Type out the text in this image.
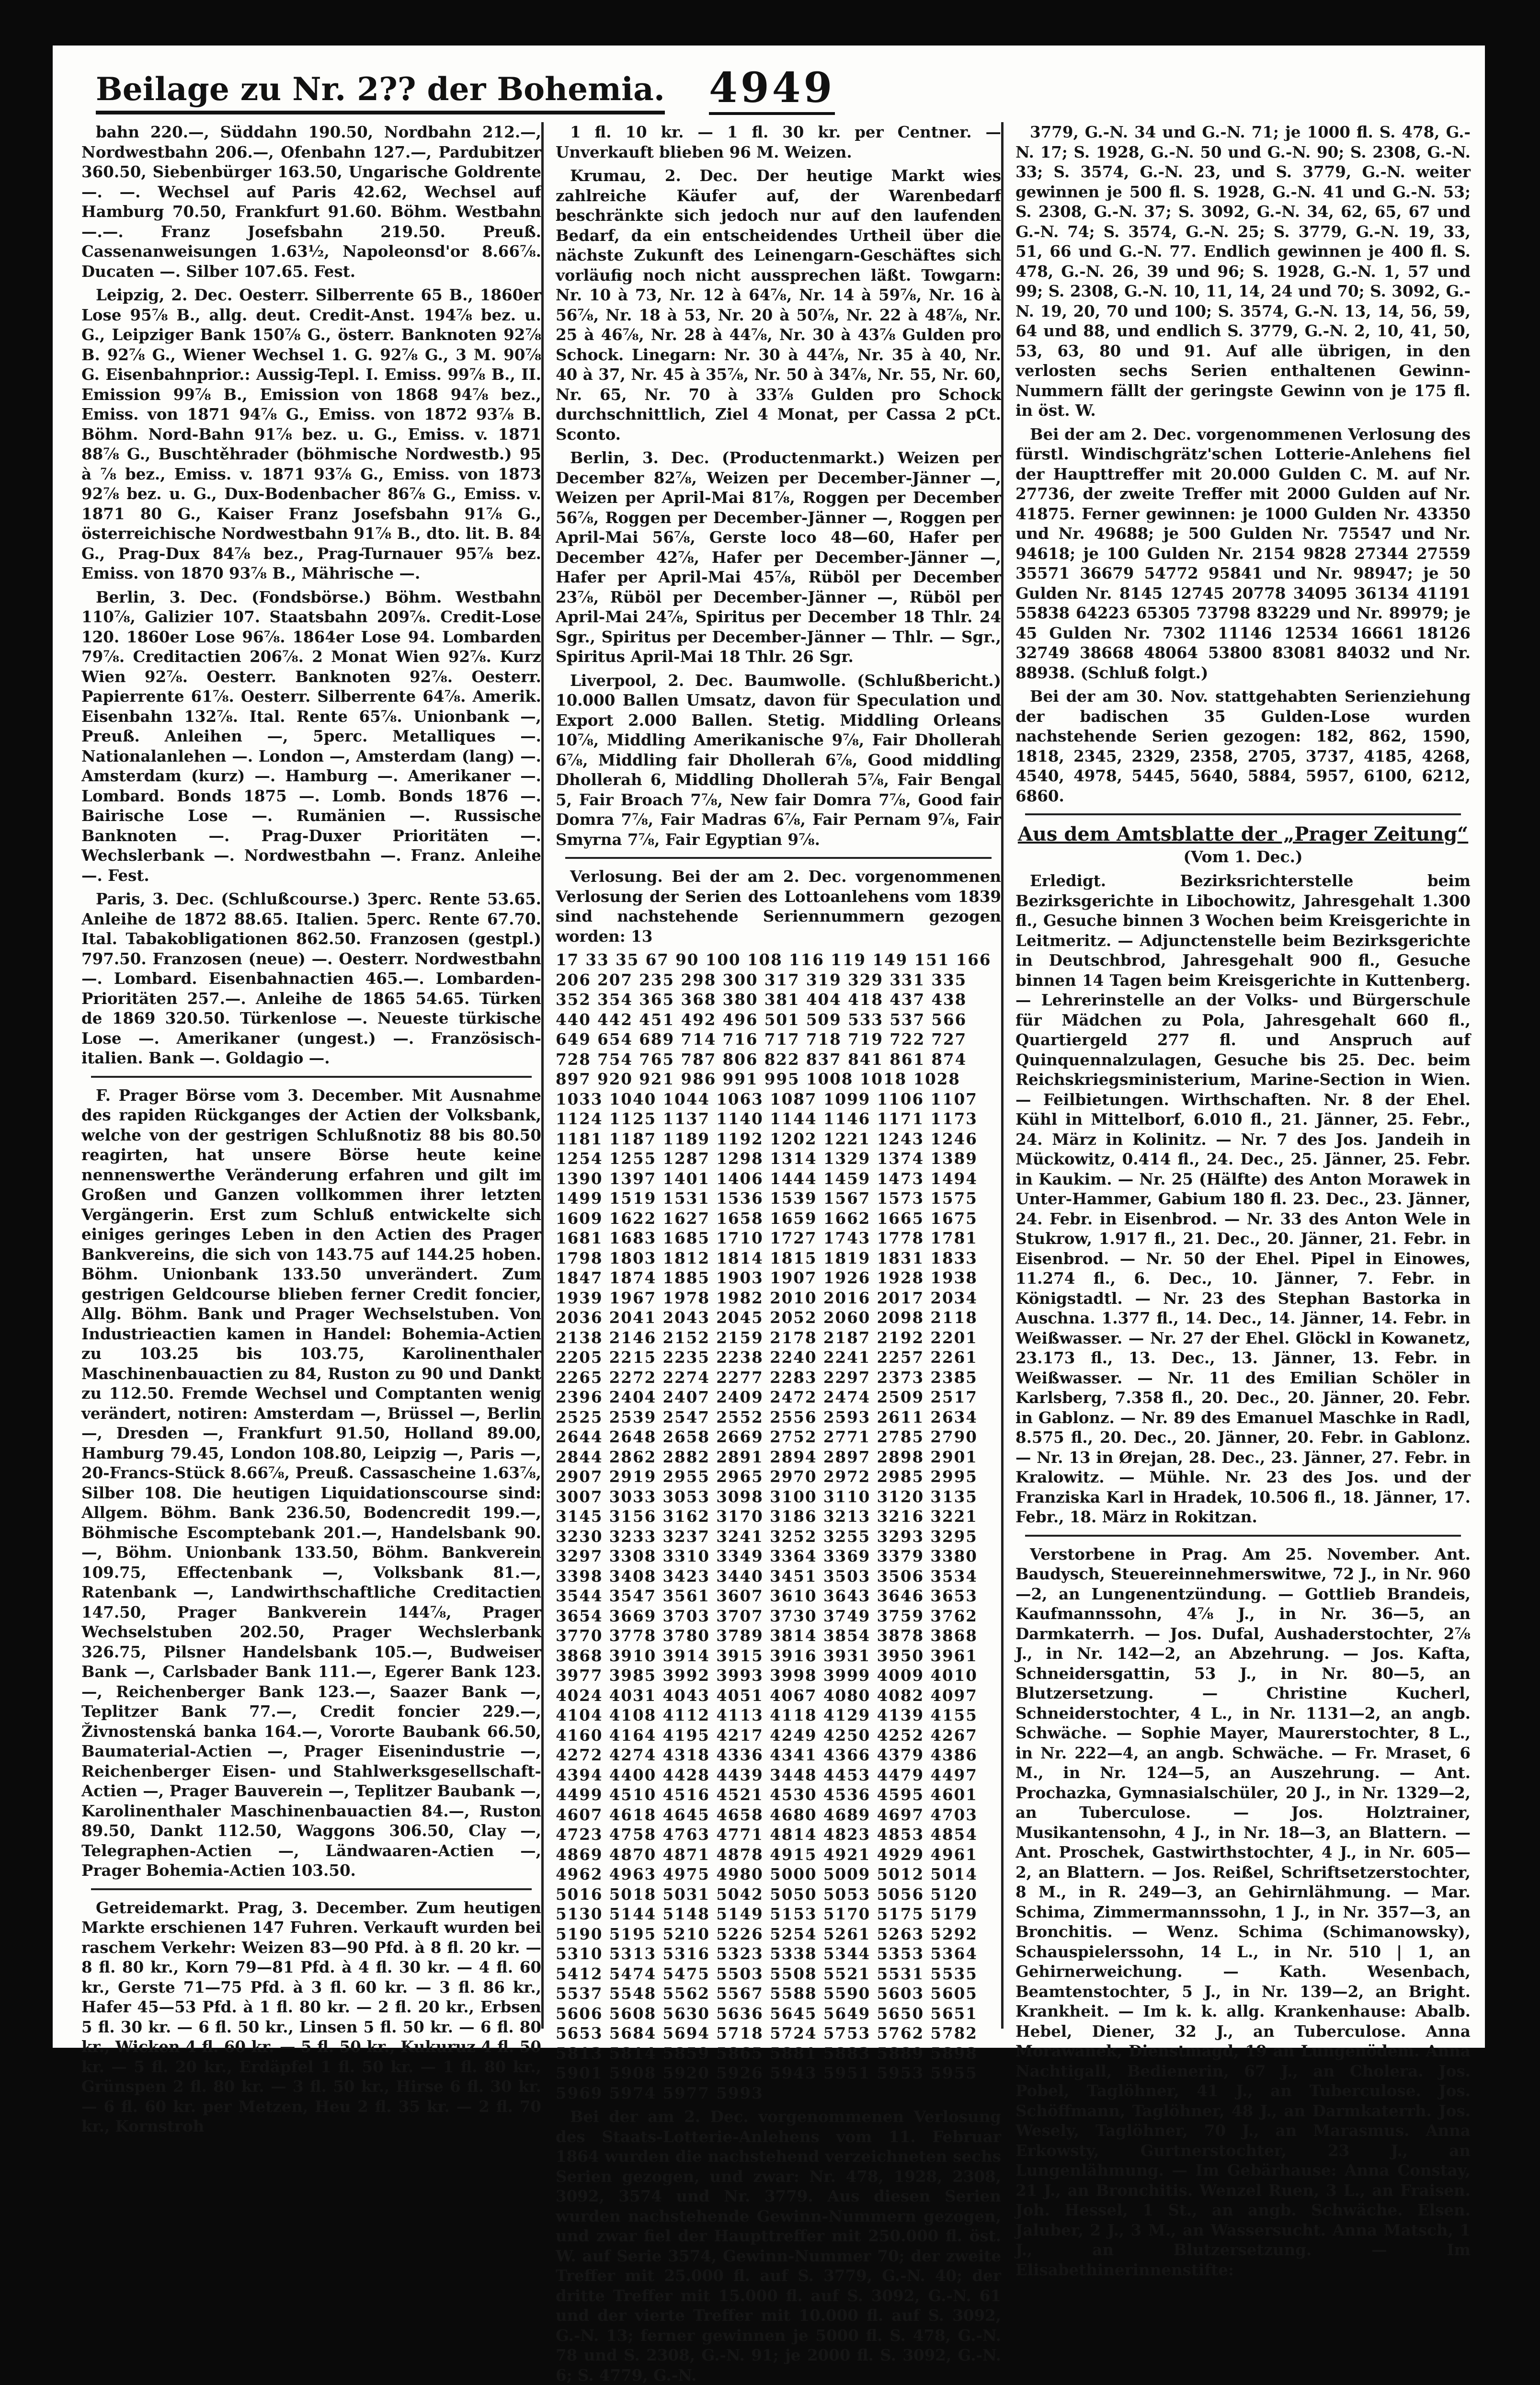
Beilage zu Nr. 2?? der Bohemia. 4949

bahn 220.—, Süddahn 190.50, Nordbahn 212.—, Nordwestbahn 206.—, Ofenbahn 127.—, Pardubitzer 360.50, Siebenbürger 163.50, Ungarische Goldrente —. —. Wechsel auf Paris 42.62, Wechsel auf Hamburg 70.50, Frankfurt 91.60. Böhm. Westbahn —.—. Franz Josefsbahn 219.50. Preuß. Cassenanweisungen 1.63½, Napoleonsd'or 8.66⅞. Ducaten —. Silber 107.65. Fest.

Leipzig, 2. Dec. Oesterr. Silberrente 65 B., 1860er Lose 95⅞ B., allg. deut. Credit-Anst. 194⅞ bez. u. G., Leipziger Bank 150⅞ G., österr. Banknoten 92⅞ B. 92⅞ G., Wiener Wechsel 1. G. 92⅞ G., 3 M. 90⅞ G. Eisenbahnprior.: Aussig-Tepl. I. Emiss. 99⅞ B., II. Emission 99⅞ B., Emission von 1868 94⅞ bez., Emiss. von 1871 94⅞ G., Emiss. von 1872 93⅞ B. Böhm. Nord-Bahn 91⅞ bez. u. G., Emiss. v. 1871 88⅞ G., Buschtěhrader (böhmische Nordwestb.) 95 à ⅞ bez., Emiss. v. 1871 93⅞ G., Emiss. von 1873 92⅞ bez. u. G., Dux-Bodenbacher 86⅞ G., Emiss. v. 1871 80 G., Kaiser Franz Josefsbahn 91⅞ G., österreichische Nordwestbahn 91⅞ B., dto. lit. B. 84 G., Prag-Dux 84⅞ bez., Prag-Turnauer 95⅞ bez. Emiss. von 1870 93⅞ B., Mährische —.

Berlin, 3. Dec. (Fondsbörse.) Böhm. Westbahn 110⅞, Galizier 107. Staatsbahn 209⅞. Credit-Lose 120. 1860er Lose 96⅞. 1864er Lose 94. Lombarden 79⅞. Creditactien 206⅞. 2 Monat Wien 92⅞. Kurz Wien 92⅞. Oesterr. Banknoten 92⅞. Oesterr. Papierrente 61⅞. Oesterr. Silberrente 64⅞. Amerik. Eisenbahn 132⅞. Ital. Rente 65⅞. Unionbank —, Preuß. Anleihen —, 5perc. Metalliques —. Nationalanlehen —. London —, Amsterdam (lang) —. Amsterdam (kurz) —. Hamburg —. Amerikaner —. Lombard. Bonds 1875 —. Lomb. Bonds 1876 —. Bairische Lose —. Rumänien —. Russische Banknoten —. Prag-Duxer Prioritäten —. Wechslerbank —. Nordwestbahn —. Franz. Anleihe —. Fest.

Paris, 3. Dec. (Schlußcourse.) 3perc. Rente 53.65. Anleihe de 1872 88.65. Italien. 5perc. Rente 67.70. Ital. Tabakobligationen 862.50. Franzosen (gestpl.) 797.50. Franzosen (neue) —. Oesterr. Nordwestbahn —. Lombard. Eisenbahnactien 465.—. Lombarden-Prioritäten 257.—. Anleihe de 1865 54.65. Türken de 1869 320.50. Türkenlose —. Neueste türkische Lose —. Amerikaner (ungest.) —. Französisch-italien. Bank —. Goldagio —.

F. Prager Börse vom 3. December. Mit Ausnahme des rapiden Rückganges der Actien der Volksbank, welche von der gestrigen Schlußnotiz 88 bis 80.50 reagirten, hat unsere Börse heute keine nennenswerthe Veränderung erfahren und gilt im Großen und Ganzen vollkommen ihrer letzten Vergängerin. Erst zum Schluß entwickelte sich einiges geringes Leben in den Actien des Prager Bankvereins, die sich von 143.75 auf 144.25 hoben. Böhm. Unionbank 133.50 unverändert. Zum gestrigen Geldcourse blieben ferner Credit foncier, Allg. Böhm. Bank und Prager Wechselstuben. Von Industrieactien kamen in Handel: Bohemia-Actien zu 103.25 bis 103.75, Karolinenthaler Maschinenbauactien zu 84, Ruston zu 90 und Dankt zu 112.50. Fremde Wechsel und Comptanten wenig verändert, notiren: Amsterdam —, Brüssel —, Berlin —, Dresden —, Frankfurt 91.50, Holland 89.00, Hamburg 79.45, London 108.80, Leipzig —, Paris —, 20-Francs-Stück 8.66⅞, Preuß. Cassascheine 1.63⅞, Silber 108. Die heutigen Liquidationscourse sind: Allgem. Böhm. Bank 236.50, Bodencredit 199.—, Böhmische Escomptebank 201.—, Handelsbank 90.—, Böhm. Unionbank 133.50, Böhm. Bankverein 109.75, Effectenbank —, Volksbank 81.—, Ratenbank —, Landwirthschaftliche Creditactien 147.50, Prager Bankverein 144⅞, Prager Wechselstuben 202.50, Prager Wechslerbank 326.75, Pilsner Handelsbank 105.—, Budweiser Bank —, Carlsbader Bank 111.—, Egerer Bank 123.—, Reichenberger Bank 123.—, Saazer Bank —, Teplitzer Bank 77.—, Credit foncier 229.—, Živnostenská banka 164.—, Vororte Baubank 66.50, Baumaterial-Actien —, Prager Eisenindustrie —, Reichenberger Eisen- und Stahlwerksgesellschaft-Actien —, Prager Bauverein —, Teplitzer Baubank —, Karolinenthaler Maschinenbauactien 84.—, Ruston 89.50, Dankt 112.50, Waggons 306.50, Clay —, Telegraphen-Actien —, Ländwaaren-Actien —, Prager Bohemia-Actien 103.50.

Getreidemarkt. Prag, 3. December. Zum heutigen Markte erschienen 147 Fuhren. Verkauft wurden bei raschem Verkehr: Weizen 83—90 Pfd. à 8 fl. 20 kr. — 8 fl. 80 kr., Korn 79—81 Pfd. à 4 fl. 30 kr. — 4 fl. 60 kr., Gerste 71—75 Pfd. à 3 fl. 60 kr. — 3 fl. 86 kr., Hafer 45—53 Pfd. à 1 fl. 80 kr. — 2 fl. 20 kr., Erbsen 5 fl. 30 kr. — 6 fl. 50 kr., Linsen 5 fl. 50 kr. — 6 fl. 80 kr., Wicken 4 fl. 60 kr. — 5 fl. 50 kr., Kukuruz 4 fl. 50 kr. — 5 fl. 20 kr., Erdäpfel 1 fl. 50 kr. — 1 fl. 80 kr., Grünspen 2 fl. 80 kr. — 3 fl. 50 kr., Hirse 6 fl. 30 kr. — 6 fl. 60 kr. per Metzen, Heu 2 fl. 35 kr. — 2 fl. 70 kr., Kornstroh

1 fl. 10 kr. — 1 fl. 30 kr. per Centner. — Unverkauft blieben 96 M. Weizen.

Krumau, 2. Dec. Der heutige Markt wies zahlreiche Käufer auf, der Warenbedarf beschränkte sich jedoch nur auf den laufenden Bedarf, da ein entscheidendes Urtheil über die nächste Zukunft des Leinengarn-Geschäftes sich vorläufig noch nicht aussprechen läßt. Towgarn: Nr. 10 à 73, Nr. 12 à 64⅞, Nr. 14 à 59⅞, Nr. 16 à 56⅞, Nr. 18 à 53, Nr. 20 à 50⅞, Nr. 22 à 48⅞, Nr. 25 à 46⅞, Nr. 28 à 44⅞, Nr. 30 à 43⅞ Gulden pro Schock. Linegarn: Nr. 30 à 44⅞, Nr. 35 à 40, Nr. 40 à 37, Nr. 45 à 35⅞, Nr. 50 à 34⅞, Nr. 55, Nr. 60, Nr. 65, Nr. 70 à 33⅞ Gulden pro Schock durchschnittlich, Ziel 4 Monat, per Cassa 2 pCt. Sconto.

Berlin, 3. Dec. (Productenmarkt.) Weizen per December 82⅞, Weizen per December-Jänner —, Weizen per April-Mai 81⅞, Roggen per December 56⅞, Roggen per December-Jänner —, Roggen per April-Mai 56⅞, Gerste loco 48—60, Hafer per December 42⅞, Hafer per December-Jänner —, Hafer per April-Mai 45⅞, Rüböl per December 23⅞, Rüböl per December-Jänner —, Rüböl per April-Mai 24⅞, Spiritus per December 18 Thlr. 24 Sgr., Spiritus per December-Jänner — Thlr. — Sgr., Spiritus April-Mai 18 Thlr. 26 Sgr.

Liverpool, 2. Dec. Baumwolle. (Schlußbericht.) 10.000 Ballen Umsatz, davon für Speculation und Export 2.000 Ballen. Stetig. Middling Orleans 10⅞, Middling Amerikanische 9⅞, Fair Dhollerah 6⅞, Middling fair Dhollerah 6⅞, Good middling Dhollerah 6, Middling Dhollerah 5⅞, Fair Bengal 5, Fair Broach 7⅞, New fair Domra 7⅞, Good fair Domra 7⅞, Fair Madras 6⅞, Fair Pernam 9⅞, Fair Smyrna 7⅞, Fair Egyptian 9⅞.

Verlosung. Bei der am 2. Dec. vorgenommenen Verlosung der Serien des Lottoanlehens vom 1839 sind nachstehende Seriennummern gezogen worden: 13

17 33 35 67 90 100 108 116 119 149 151 166 206 207 235 298 300 317 319 329 331 335 352 354 365 368 380 381 404 418 437 438 440 442 451 492 496 501 509 533 537 566 649 654 689 714 716 717 718 719 722 727 728 754 765 787 806 822 837 841 861 874 897 920 921 986 991 995 1008 1018 1028 1033 1040 1044 1063 1087 1099 1106 1107 1124 1125 1137 1140 1144 1146 1171 1173 1181 1187 1189 1192 1202 1221 1243 1246 1254 1255 1287 1298 1314 1329 1374 1389 1390 1397 1401 1406 1444 1459 1473 1494 1499 1519 1531 1536 1539 1567 1573 1575 1609 1622 1627 1658 1659 1662 1665 1675 1681 1683 1685 1710 1727 1743 1778 1781 1798 1803 1812 1814 1815 1819 1831 1833 1847 1874 1885 1903 1907 1926 1928 1938 1939 1967 1978 1982 2010 2016 2017 2034 2036 2041 2043 2045 2052 2060 2098 2118 2138 2146 2152 2159 2178 2187 2192 2201 2205 2215 2235 2238 2240 2241 2257 2261 2265 2272 2274 2277 2283 2297 2373 2385 2396 2404 2407 2409 2472 2474 2509 2517 2525 2539 2547 2552 2556 2593 2611 2634 2644 2648 2658 2669 2752 2771 2785 2790 2844 2862 2882 2891 2894 2897 2898 2901 2907 2919 2955 2965 2970 2972 2985 2995 3007 3033 3053 3098 3100 3110 3120 3135 3145 3156 3162 3170 3186 3213 3216 3221 3230 3233 3237 3241 3252 3255 3293 3295 3297 3308 3310 3349 3364 3369 3379 3380 3398 3408 3423 3440 3451 3503 3506 3534 3544 3547 3561 3607 3610 3643 3646 3653 3654 3669 3703 3707 3730 3749 3759 3762 3770 3778 3780 3789 3814 3854 3878 3868 3868 3910 3914 3915 3916 3931 3950 3961 3977 3985 3992 3993 3998 3999 4009 4010 4024 4031 4043 4051 4067 4080 4082 4097 4104 4108 4112 4113 4118 4129 4139 4155 4160 4164 4195 4217 4249 4250 4252 4267 4272 4274 4318 4336 4341 4366 4379 4386 4394 4400 4428 4439 3448 4453 4479 4497 4499 4510 4516 4521 4530 4536 4595 4601 4607 4618 4645 4658 4680 4689 4697 4703 4723 4758 4763 4771 4814 4823 4853 4854 4869 4870 4871 4878 4915 4921 4929 4961 4962 4963 4975 4980 5000 5009 5012 5014 5016 5018 5031 5042 5050 5053 5056 5120 5130 5144 5148 5149 5153 5170 5175 5179 5190 5195 5210 5226 5254 5261 5263 5292 5310 5313 5316 5323 5338 5344 5353 5364 5412 5474 5475 5503 5508 5521 5531 5535 5537 5548 5562 5567 5588 5590 5603 5605 5606 5608 5630 5636 5645 5649 5650 5651 5653 5684 5694 5718 5724 5753 5762 5782 5813 5814 5859 5865 5881 5883 5889 5898 5901 5908 5920 5926 5943 5951 5953 5955 5969 5974 5977 5993

Bei der am 2. Dec. vorgenommenen Verlosung des Staats-Lotterie-Anlehens vom 11. Februar 1864 wurden die nachstehend verzeichneten sechs Serien gezogen, und zwar: Nr. 478, 1928, 2308, 3092, 3574 und Nr. 3779. Aus diesen Serien wurden nachstehende Gewinn-Nummern gezogen, und zwar fiel der Haupttreffer mit 250.000 fl. öst. W. auf Serie 3574, Gewinn-Nummer 70; der zweite Treffer mit 25.000 fl. auf S. 3779, G.-N. 40; der dritte Treffer mit 15.000 fl. auf S. 3092, G.-N. 61 und der vierte Treffer mit 10.000 fl. auf S. 3092, G.-N. 13; ferner gewinnen je 5000 fl. S. 478, G.-N. 78 und S. 2308, G.-N. 91; je 2000 fl. S. 3092, G.-N. 6; S. 4779, G.-N.

3779, G.-N. 34 und G.-N. 71; je 1000 fl. S. 478, G.-N. 17; S. 1928, G.-N. 50 und G.-N. 90; S. 2308, G.-N. 33; S. 3574, G.-N. 23, und S. 3779, G.-N. weiter gewinnen je 500 fl. S. 1928, G.-N. 41 und G.-N. 53; S. 2308, G.-N. 37; S. 3092, G.-N. 34, 62, 65, 67 und G.-N. 74; S. 3574, G.-N. 25; S. 3779, G.-N. 19, 33, 51, 66 und G.-N. 77. Endlich gewinnen je 400 fl. S. 478, G.-N. 26, 39 und 96; S. 1928, G.-N. 1, 57 und 99; S. 2308, G.-N. 10, 11, 14, 24 und 70; S. 3092, G.-N. 19, 20, 70 und 100; S. 3574, G.-N. 13, 14, 56, 59, 64 und 88, und endlich S. 3779, G.-N. 2, 10, 41, 50, 53, 63, 80 und 91. Auf alle übrigen, in den verlosten sechs Serien enthaltenen Gewinn-Nummern fällt der geringste Gewinn von je 175 fl. in öst. W.

Bei der am 2. Dec. vorgenommenen Verlosung des fürstl. Windischgrätz'schen Lotterie-Anlehens fiel der Haupttreffer mit 20.000 Gulden C. M. auf Nr. 27736, der zweite Treffer mit 2000 Gulden auf Nr. 41875. Ferner gewinnen: je 1000 Gulden Nr. 43350 und Nr. 49688; je 500 Gulden Nr. 75547 und Nr. 94618; je 100 Gulden Nr. 2154 9828 27344 27559 35571 36679 54772 95841 und Nr. 98947; je 50 Gulden Nr. 8145 12745 20778 34095 36134 41191 55838 64223 65305 73798 83229 und Nr. 89979; je 45 Gulden Nr. 7302 11146 12534 16661 18126 32749 38668 48064 53800 83081 84032 und Nr. 88938. (Schluß folgt.)

Bei der am 30. Nov. stattgehabten Serienziehung der badischen 35 Gulden-Lose wurden nachstehende Serien gezogen: 182, 862, 1590, 1818, 2345, 2329, 2358, 2705, 3737, 4185, 4268, 4540, 4978, 5445, 5640, 5884, 5957, 6100, 6212, 6860.

Aus dem Amtsblatte der „Prager Zeitung“
(Vom 1. Dec.)

Erledigt. Bezirksrichterstelle beim Bezirksgerichte in Libochowitz, Jahresgehalt 1.300 fl., Gesuche binnen 3 Wochen beim Kreisgerichte in Leitmeritz. — Adjunctenstelle beim Bezirksgerichte in Deutschbrod, Jahresgehalt 900 fl., Gesuche binnen 14 Tagen beim Kreisgerichte in Kuttenberg. — Lehrerinstelle an der Volks- und Bürgerschule für Mädchen zu Pola, Jahresgehalt 660 fl., Quartiergeld 277 fl. und Anspruch auf Quinquennalzulagen, Gesuche bis 25. Dec. beim Reichskriegsministerium, Marine-Section in Wien. — Feilbietungen. Wirthschaften. Nr. 8 der Ehel. Kühl in Mittelborf, 6.010 fl., 21. Jänner, 25. Febr., 24. März in Kolinitz. — Nr. 7 des Jos. Jandeih in Mückowitz, 0.414 fl., 24. Dec., 25. Jänner, 25. Febr. in Kaukim. — Nr. 25 (Hälfte) des Anton Morawek in Unter-Hammer, Gabium 180 fl. 23. Dec., 23. Jänner, 24. Febr. in Eisenbrod. — Nr. 33 des Anton Wele in Stukrow, 1.917 fl., 21. Dec., 20. Jänner, 21. Febr. in Eisenbrod. — Nr. 50 der Ehel. Pipel in Einowes, 11.274 fl., 6. Dec., 10. Jänner, 7. Febr. in Königstadtl. — Nr. 23 des Stephan Bastorka in Auschna. 1.377 fl., 14. Dec., 14. Jänner, 14. Febr. in Weißwasser. — Nr. 27 der Ehel. Glöckl in Kowanetz, 23.173 fl., 13. Dec., 13. Jänner, 13. Febr. in Weißwasser. — Nr. 11 des Emilian Schöler in Karlsberg, 7.358 fl., 20. Dec., 20. Jänner, 20. Febr. in Gablonz. — Nr. 89 des Emanuel Maschke in Radl, 8.575 fl., 20. Dec., 20. Jänner, 20. Febr. in Gablonz. — Nr. 13 in Ørejan, 28. Dec., 23. Jänner, 27. Febr. in Kralowitz. — Mühle. Nr. 23 des Jos. und der Franziska Karl in Hradek, 10.506 fl., 18. Jänner, 17. Febr., 18. März in Rokitzan.

Verstorbene in Prag. Am 25. November. Ant. Baudysch, Steuereinnehmerswitwe, 72 J., in Nr. 960—2, an Lungenentzündung. — Gottlieb Brandeis, Kaufmannssohn, 4⅞ J., in Nr. 36—5, an Darmkaterrh. — Jos. Dufal, Aushaderstochter, 2⅞ J., in Nr. 142—2, an Abzehrung. — Jos. Kafta, Schneidersgattin, 53 J., in Nr. 80—5, an Blutzersetzung. — Christine Kucherl, Schneiderstochter, 4 L., in Nr. 1131—2, an angb. Schwäche. — Sophie Mayer, Maurerstochter, 8 L., in Nr. 222—4, an angb. Schwäche. — Fr. Mraset, 6 M., in Nr. 124—5, an Auszehrung. — Ant. Prochazka, Gymnasialschüler, 20 J., in Nr. 1329—2, an Tuberculose. — Jos. Holztrainer, Musikantensohn, 4 J., in Nr. 18—3, an Blattern. — Ant. Proschek, Gastwirthstochter, 4 J., in Nr. 605—2, an Blattern. — Jos. Reißel, Schriftsetzerstochter, 8 M., in R. 249—3, an Gehirnlähmung. — Mar. Schima, Zimmermannssohn, 1 J., in Nr. 357—3, an Bronchitis. — Wenz. Schima (Schimanowsky), Schauspielerssohn, 14 L., in Nr. 510 | 1, an Gehirnerweichung. — Kath. Wesenbach, Beamtenstochter, 5 J., in Nr. 139—2, an Bright. Krankheit. — Im k. k. allg. Krankenhause: Abalb. Hebel, Diener, 32 J., an Tuberculose. Anna Morawanek, Dienstmagd, 19 an Lungenödem. Anna Nachtigall, Bedienerin, 67 J., an Cholera. Jos. Pobel, Taglöhner, 41 J., an Tuberculose. Jos. Schöffmann, Taglöhner, 48 J., an Darmkaterrh. Jos. Wesely, Taglöhner, 70 J., an Marasmus. Anna Erkowsty, Gurtnerstochter, 23 J., an Lungenlähmung. — Im Gebärhause: Anna Constay, 21 J., an Bronchitis. Wenzel Ruen, 3 L., an Fraisen. Joh. Hessel, 1 St., an angb. Schwäche. Elsen. Jaluber, 2 J., 3 M., an Wassersucht. Anna Matsch, 1 J., an Blutzersetzung. — Im Elisabethinerinnenstifte:
